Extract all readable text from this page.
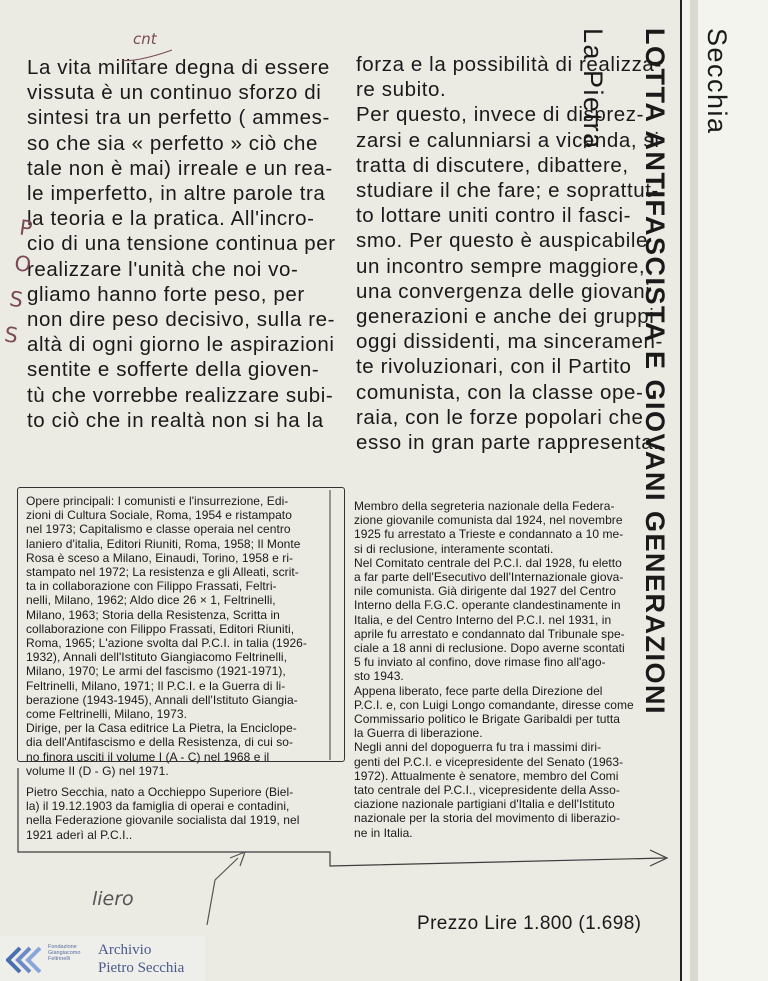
La vita militare degna di essere
vissuta è un continuo sforzo di
sintesi tra un perfetto ( ammes-
so che sia « perfetto » ciò che
tale non è mai) irreale e un rea-
le imperfetto, in altre parole tra
la teoria e la pratica. All'incro-
cio di una tensione continua per
realizzare l'unità che noi vo-
gliamo hanno forte peso, per
non dire peso decisivo, sulla re-
altà di ogni giorno le aspirazioni
sentite e sofferte della gioven-
tù che vorrebbe realizzare subi-
to ciò che in realtà non si ha la
forza e la possibilità di realizza-
re subito.
Per questo, invece di disprez-
zarsi e calunniarsi a vicenda, si
tratta di discutere, dibattere,
studiare il che fare; e soprattut-
to lottare uniti contro il fasci-
smo. Per questo è auspicabile
un incontro sempre maggiore,
una convergenza delle giovani
generazioni e anche dei gruppi
oggi dissidenti, ma sinceramen-
te rivoluzionari, con il Partito
comunista, con la classe ope-
raia, con le forze popolari che
esso in gran parte rappresenta.
Opere principali: I comunisti e l'insurrezione, Edi-
zioni di Cultura Sociale, Roma, 1954 e ristampato
nel 1973; Capitalismo e classe operaia nel centro
laniero d'italia, Editori Riuniti, Roma, 1958; Il Monte
Rosa è sceso a Milano, Einaudi, Torino, 1958 e ri-
stampato nel 1972; La resistenza e gli Alleati, scrit-
ta in collaborazione con Filippo Frassati, Feltri-
nelli, Milano, 1962; Aldo dice 26 × 1, Feltrinelli,
Milano, 1963; Storia della Resistenza, Scritta in
collaborazione con Filippo Frassati, Editori Riuniti,
Roma, 1965; L'azione svolta dal P.C.I. in talia (1926-
1932), Annali dell'Istituto Giangiacomo Feltrinelli,
Milano, 1970; Le armi del fascismo (1921-1971),
Feltrinelli, Milano, 1971; Il P.C.I. e la Guerra di li-
berazione (1943-1945), Annali dell'Istituto Giangia-
come Feltrinelli, Milano, 1973.
Dirige, per la Casa editrice La Pietra, la Enciclope-
dia dell'Antifascismo e della Resistenza, di cui so-
no finora usciti il volume I (A - C) nel 1968 e il
volume II (D - G) nel 1971.
Pietro Secchia, nato a Occhieppo Superiore (Biel-
la) il 19.12.1903 da famiglia di operai e contadini,
nella Federazione giovanile socialista dal 1919, nel
1921 aderì al P.C.I..
Membro della segreteria nazionale della Federa-
zione giovanile comunista dal 1924, nel novembre
1925 fu arrestato a Trieste e condannato a 10 me-
si di reclusione, interamente scontati.
Nel Comitato centrale del P.C.I. dal 1928, fu eletto
a far parte dell'Esecutivo dell'Internazionale giova-
nile comunista. Già dirigente dal 1927 del Centro
Interno della F.G.C. operante clandestinamente in
Italia, e del Centro Interno del P.C.I. nel 1931, in
aprile fu arrestato e condannato dal Tribunale spe-
ciale a 18 anni di reclusione. Dopo averne scontati
5 fu inviato al confino, dove rimase fino all'ago-
sto 1943.
Appena liberato, fece parte della Direzione del
P.C.I. e, con Luigi Longo comandante, diresse come
Commissario politico le Brigate Garibaldi per tutta
la Guerra di liberazione.
Negli anni del dopoguerra fu tra i massimi diri-
genti del P.C.I. e vicepresidente del Senato (1963-
1972). Attualmente è senatore, membro del Comi
tato centrale del P.C.I., vicepresidente della Asso-
ciazione nazionale partigiani d'Italia e dell'Istituto
nazionale per la storia del movimento di liberazio-
ne in Italia.
cnt
liero
P O S S
Prezzo Lire 1.800 (1.698)

Secchia

LOTTA ANTIFASCISTA E GIOVANI GENERAZIONI

La Pietra

Fondazione
Giangiacomo
Feltrinelli
Archivio
Pietro Secchia
